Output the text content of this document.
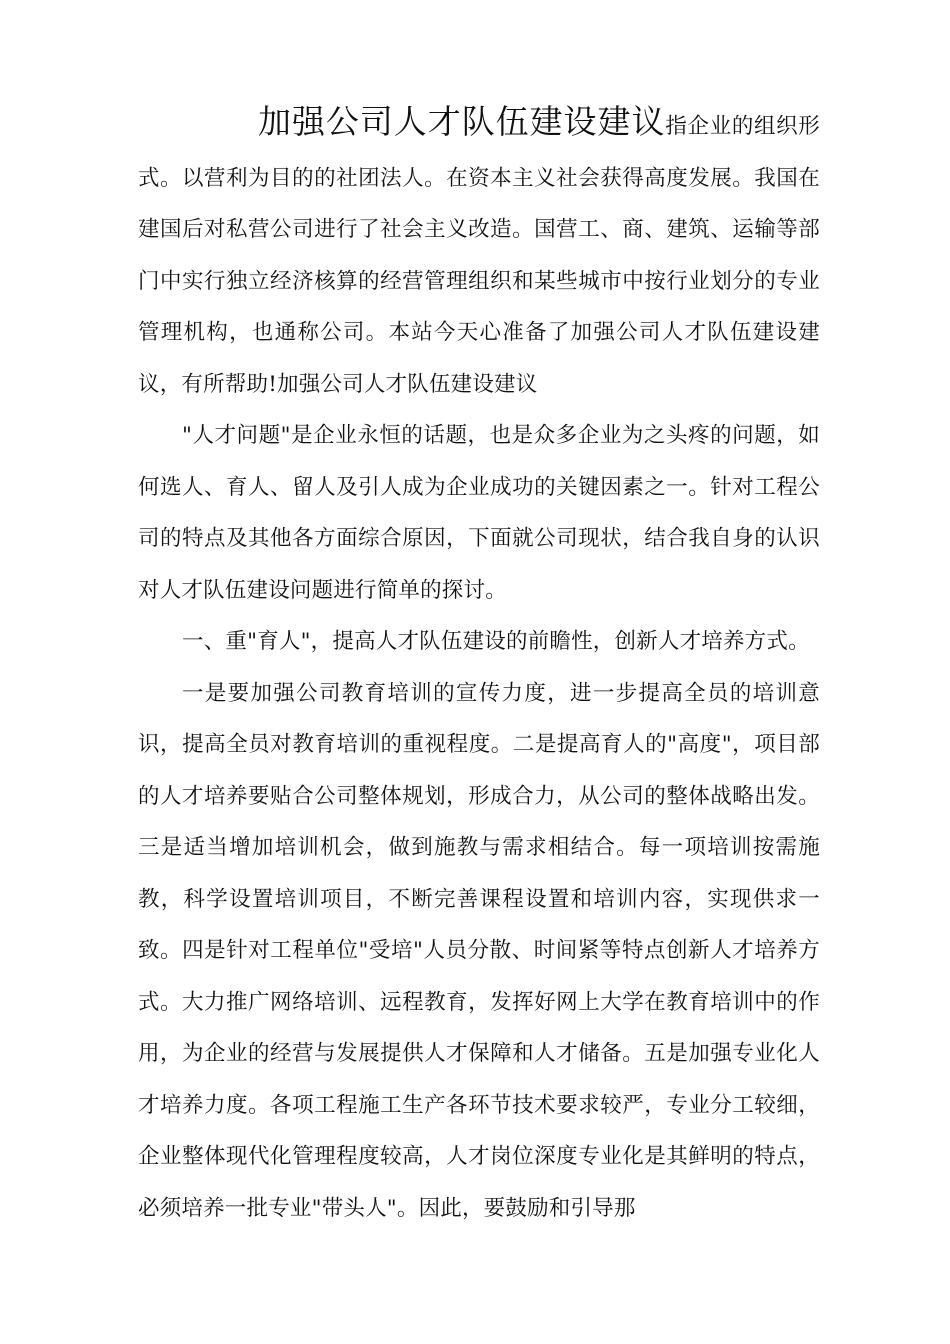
加强公司人才队伍建设建议指企业的组织形式。以营利为目的的社团法人。在资本主义社会获得高度发展。我国在建国后对私营公司进行了社会主义改造。国营工、商、建筑、运输等部门中实行独立经济核算的经营管理组织和某些城市中按行业划分的专业管理机构，也通称公司。本站今天心准备了加强公司人才队伍建设建议，有所帮助!加强公司人才队伍建设建议

"人才问题"是企业永恒的话题，也是众多企业为之头疼的问题，如何选人、育人、留人及引人成为企业成功的关键因素之一。针对工程公司的特点及其他各方面综合原因，下面就公司现状，结合我自身的认识对人才队伍建设问题进行简单的探讨。

一、重"育人"，提高人才队伍建设的前瞻性，创新人才培养方式。

一是要加强公司教育培训的宣传力度，进一步提高全员的培训意识，提高全员对教育培训的重视程度。二是提高育人的"高度"，项目部的人才培养要贴合公司整体规划，形成合力，从公司的整体战略出发。三是适当增加培训机会，做到施教与需求相结合。每一项培训按需施教，科学设置培训项目，不断完善课程设置和培训内容，实现供求一致。四是针对工程单位"受培"人员分散、时间紧等特点创新人才培养方式。大力推广网络培训、远程教育，发挥好网上大学在教育培训中的作用，为企业的经营与发展提供人才保障和人才储备。五是加强专业化人才培养力度。各项工程施工生产各环节技术要求较严，专业分工较细，企业整体现代化管理程度较高，人才岗位深度专业化是其鲜明的特点，必须培养一批专业"带头人"。因此，要鼓励和引导那
